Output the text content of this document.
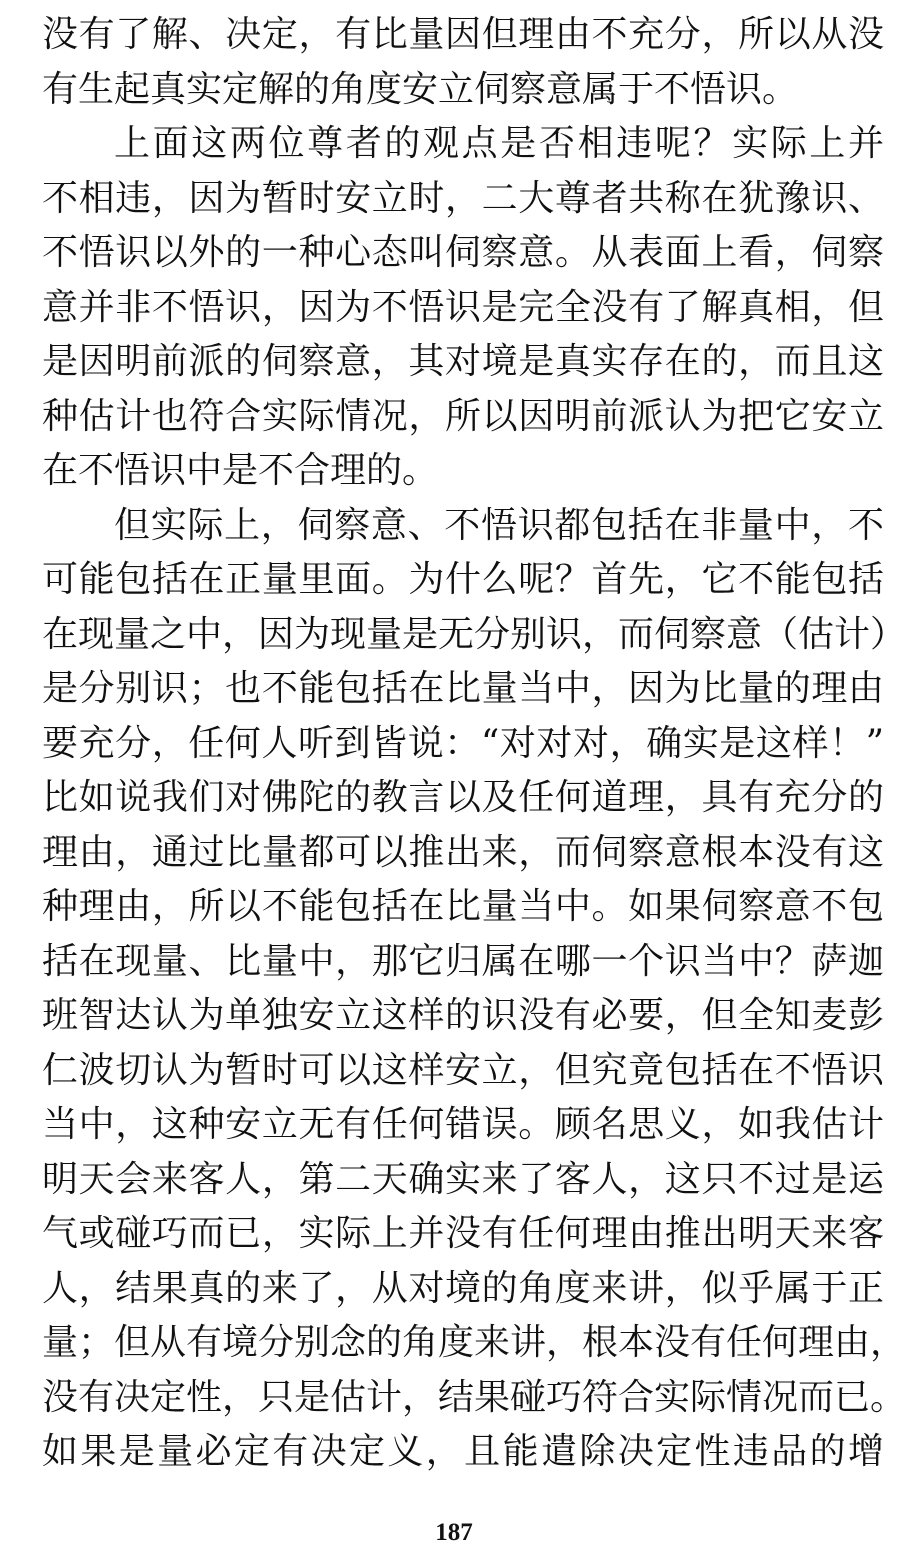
没有了解、决定，有比量因但理由不充分，所以从没
有生起真实定解的角度安立伺察意属于不悟识。
上面这两位尊者的观点是否相违呢？实际上并
不相违，因为暂时安立时，二大尊者共称在犹豫识、
不悟识以外的一种心态叫伺察意。从表面上看，伺察
意并非不悟识，因为不悟识是完全没有了解真相，但
是因明前派的伺察意，其对境是真实存在的，而且这
种估计也符合实际情况，所以因明前派认为把它安立
在不悟识中是不合理的。
但实际上，伺察意、不悟识都包括在非量中，不
可能包括在正量里面。为什么呢？首先，它不能包括
在现量之中，因为现量是无分别识，而伺察意（估计）
是分别识；也不能包括在比量当中，因为比量的理由
要充分，任何人听到皆说：“对对对，确实是这样！”
比如说我们对佛陀的教言以及任何道理，具有充分的
理由，通过比量都可以推出来，而伺察意根本没有这
种理由，所以不能包括在比量当中。如果伺察意不包
括在现量、比量中，那它归属在哪一个识当中？萨迦
班智达认为单独安立这样的识没有必要，但全知麦彭
仁波切认为暂时可以这样安立，但究竟包括在不悟识
当中，这种安立无有任何错误。顾名思义，如我估计
明天会来客人，第二天确实来了客人，这只不过是运
气或碰巧而已，实际上并没有任何理由推出明天来客
人，结果真的来了，从对境的角度来讲，似乎属于正
量；但从有境分别念的角度来讲，根本没有任何理由，
没有决定性，只是估计，结果碰巧符合实际情况而已。
如果是量必定有决定义，且能遣除决定性违品的增
187
